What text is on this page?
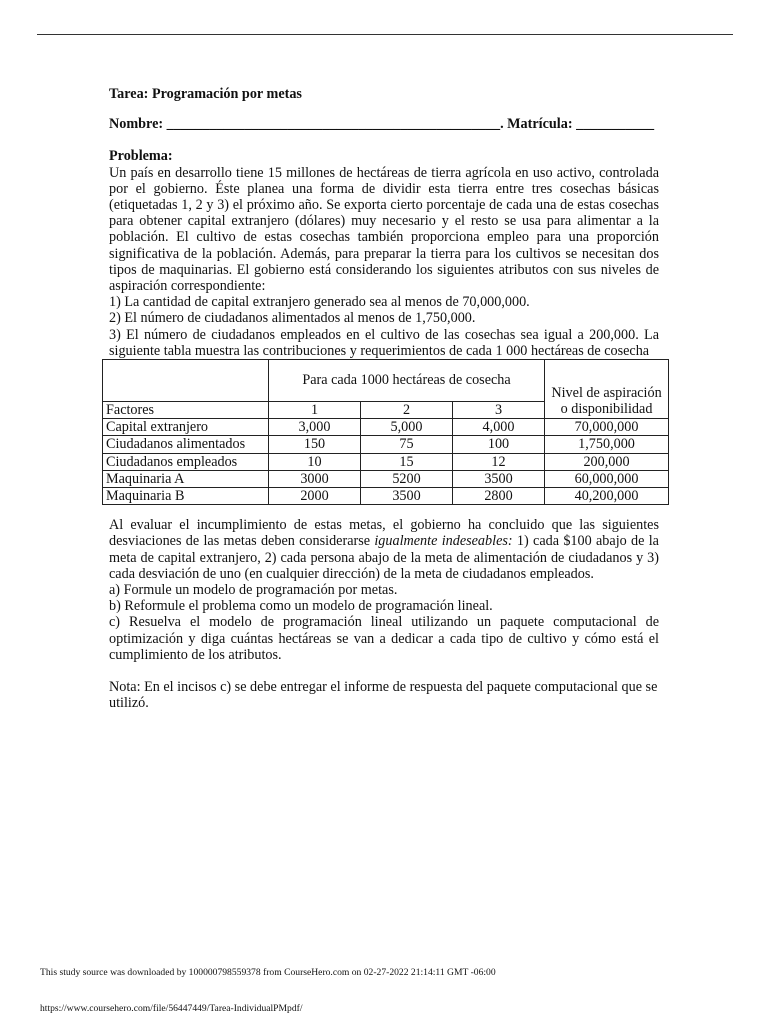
Tarea: Programación por metas
Nombre: _______________________________________________. Matrícula: ___________
Problema:

Un país en desarrollo tiene 15 millones de hectáreas de tierra agrícola en uso activo, controlada por el gobierno. Éste planea una forma de dividir esta tierra entre tres cosechas básicas (etiquetadas 1, 2 y 3) el próximo año. Se exporta cierto porcentaje de cada una de estas cosechas para obtener capital extranjero (dólares) muy necesario y el resto se usa para alimentar a la población. El cultivo de estas cosechas también proporciona empleo para una proporción significativa de la población. Además, para preparar la tierra para los cultivos se necesitan dos tipos de maquinarias. El gobierno está considerando los siguientes atributos con sus niveles de aspiración correspondiente:

1) La cantidad de capital extranjero generado sea al menos de 70,000,000.

2) El número de ciudadanos alimentados al menos de 1,750,000.

3) El número de ciudadanos empleados en el cultivo de las cosechas sea igual a 200,000. La siguiente tabla muestra las contribuciones y requerimientos de cada 1 000 hectáreas de cosecha

	Para cada 1000 hectáreas de cosecha			Nivel de aspiración o disponibilidad
Factores	1	2	3	
Capital extranjero	3,000	5,000	4,000	70,000,000
Ciudadanos alimentados	150	75	100	1,750,000
Ciudadanos empleados	10	15	12	200,000
Maquinaria A	3000	5200	3500	60,000,000
Maquinaria B	2000	3500	2800	40,200,000

Al evaluar el incumplimiento de estas metas, el gobierno ha concluido que las siguientes desviaciones de las metas deben considerarse igualmente indeseables: 1) cada $100 abajo de la meta de capital extranjero, 2) cada persona abajo de la meta de alimentación de ciudadanos y 3) cada desviación de uno (en cualquier dirección) de la meta de ciudadanos empleados.

a) Formule un modelo de programación por metas.

b) Reformule el problema como un modelo de programación lineal.

c) Resuelva el modelo de programación lineal utilizando un paquete computacional de optimización y diga cuántas hectáreas se van a dedicar a cada tipo de cultivo y cómo está el cumplimiento de los atributos.

Nota: En el incisos c) se debe entregar el informe de respuesta del paquete computacional que se utilizó.

This study source was downloaded by 100000798559378 from CourseHero.com on 02-27-2022 21:14:11 GMT -06:00
https://www.coursehero.com/file/56447449/Tarea-IndividualPMpdf/
